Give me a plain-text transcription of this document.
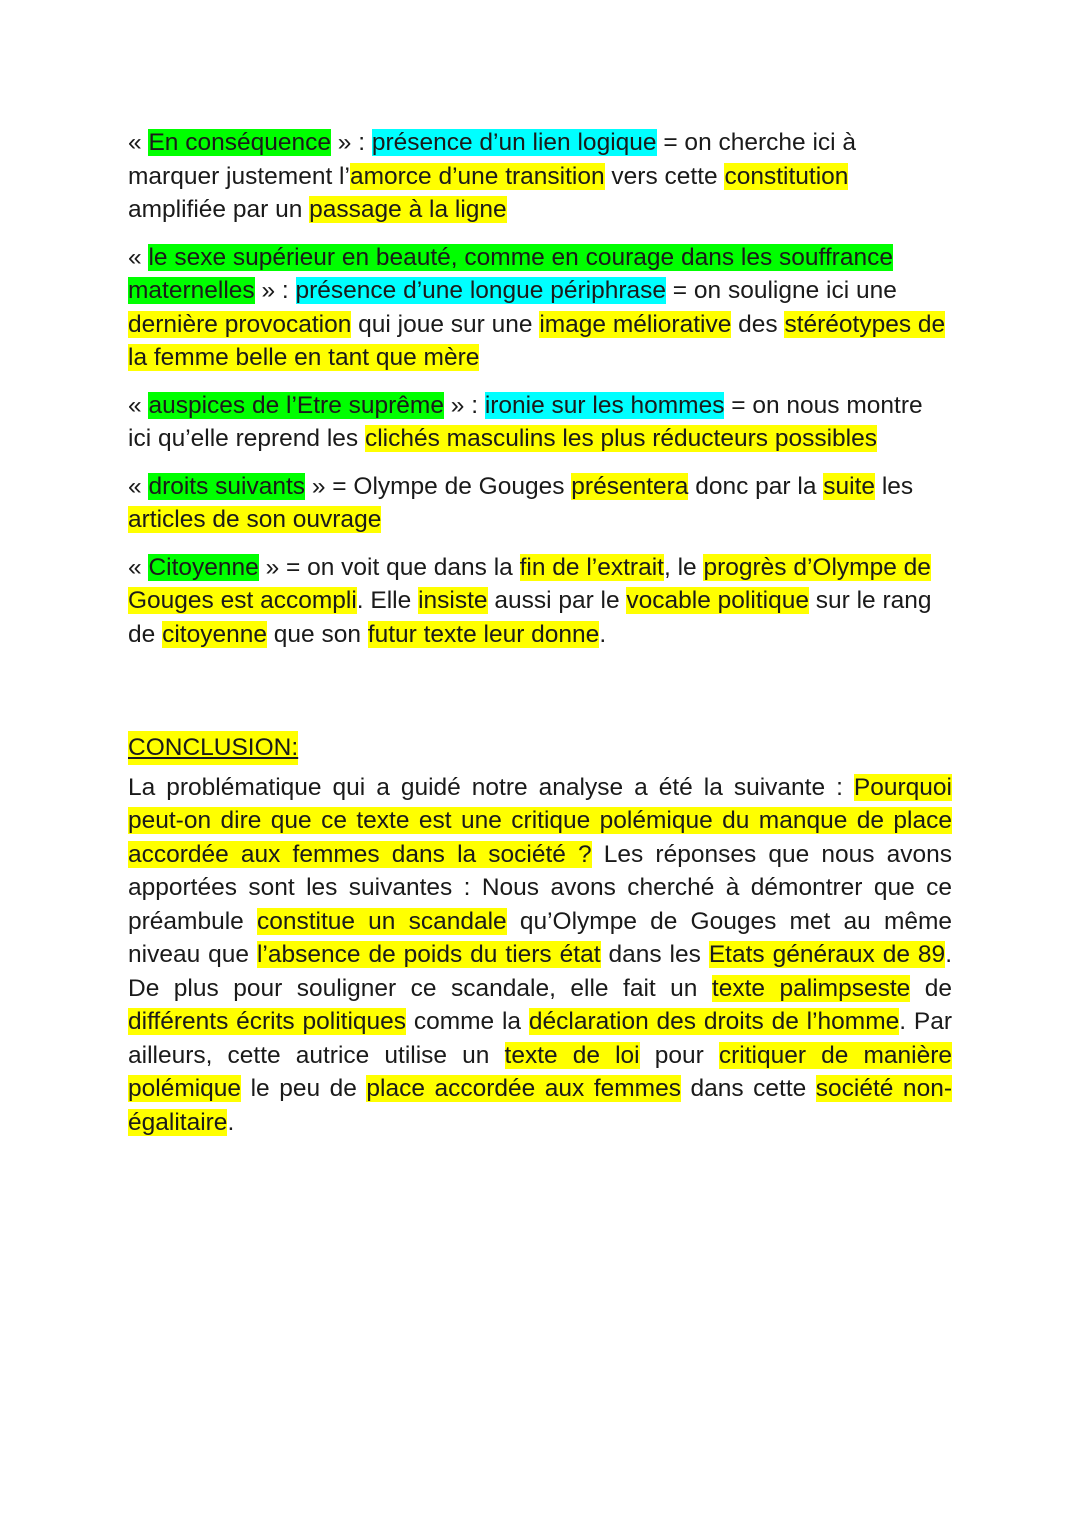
« En conséquence » : présence d’un lien logique = on cherche ici à marquer justement l’amorce d’une transition vers cette constitution amplifiée par un passage à la ligne

« le sexe supérieur en beauté, comme en courage dans les souffrance maternelles » : présence d’une longue périphrase = on souligne ici une dernière provocation qui joue sur une image méliorative des stéréotypes de la femme belle en tant que mère

« auspices de l’Etre suprême » : ironie sur les hommes = on nous montre ici qu’elle reprend les clichés masculins les plus réducteurs possibles

« droits suivants » = Olympe de Gouges présentera donc par la suite les articles de son ouvrage

« Citoyenne » = on voit que dans la fin de l’extrait, le progrès d’Olympe de Gouges est accompli. Elle insiste aussi par le vocable politique sur le rang de citoyenne que son futur texte leur donne.

CONCLUSION:

La problématique qui a guidé notre analyse a été la suivante : Pourquoi peut-on dire que ce texte est une critique polémique du manque de place accordée aux femmes dans la société ? Les réponses que nous avons apportées sont les suivantes : Nous avons cherché à démontrer que ce préambule constitue un scandale qu’Olympe de Gouges met au même niveau que l’absence de poids du tiers état dans les Etats généraux de 89. De plus pour souligner ce scandale, elle fait un texte palimpseste de différents écrits politiques comme la déclaration des droits de l’homme. Par ailleurs, cette autrice utilise un texte de loi pour critiquer de manière polémique le peu de place accordée aux femmes dans cette société non-égalitaire.
